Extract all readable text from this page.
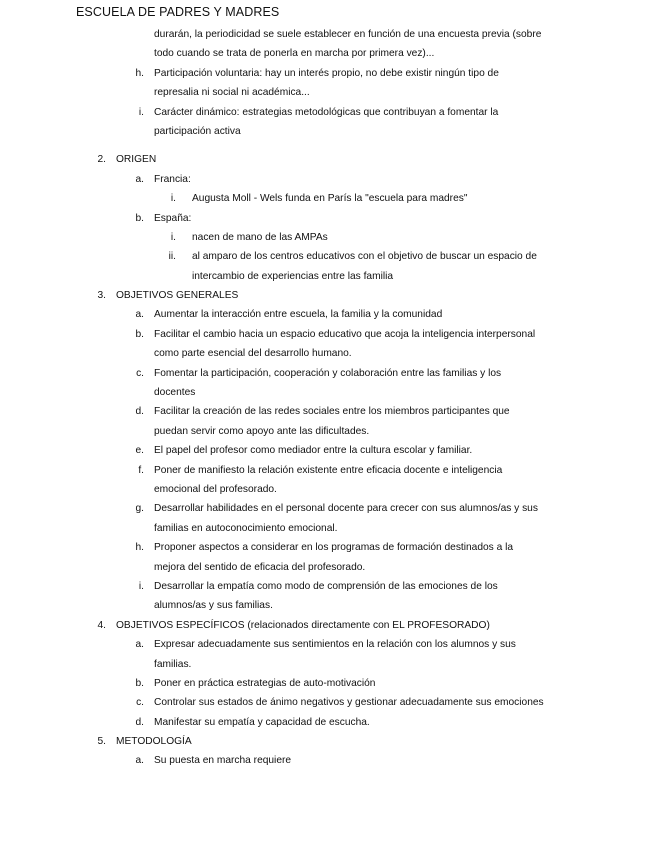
ESCUELA DE PADRES Y MADRES
durarán, la periodicidad se suele establecer en función de una encuesta previa (sobre
todo cuando se trata de ponerla en marcha por primera vez)...
h. Participación voluntaria: hay un interés propio, no debe existir ningún tipo de
represalia ni social ni académica...
i. Carácter dinámico: estrategias metodológicas que contribuyan a fomentar la
participación activa
2. ORIGEN
a. Francia:
i. Augusta Moll - Wels funda en París la "escuela para madres"
b. España:
i. nacen de mano de las AMPAs
ii. al amparo de los centros educativos con el objetivo de buscar un espacio de
intercambio de experiencias entre las familia
3. OBJETIVOS GENERALES
a. Aumentar la interacción entre escuela, la familia y la comunidad
b. Facilitar el cambio hacia un espacio educativo que acoja la inteligencia interpersonal
como parte esencial del desarrollo humano.
c. Fomentar la participación, cooperación y colaboración entre las familias y los
docentes
d. Facilitar la creación de las redes sociales entre los miembros participantes que
puedan servir como apoyo ante las dificultades.
e. El papel del profesor como mediador entre la cultura escolar y familiar.
f. Poner de manifiesto la relación existente entre eficacia docente e inteligencia
emocional del profesorado.
g. Desarrollar habilidades en el personal docente para crecer con sus alumnos/as y sus
familias en autoconocimiento emocional.
h. Proponer aspectos a considerar en los programas de formación destinados a la
mejora del sentido de eficacia del profesorado.
i. Desarrollar la empatía como modo de comprensión de las emociones de los
alumnos/as y sus familias.
4. OBJETIVOS ESPECÍFICOS (relacionados directamente con EL PROFESORADO)
a. Expresar adecuadamente sus sentimientos en la relación con los alumnos y sus
familias.
b. Poner en práctica estrategias de auto-motivación
c. Controlar sus estados de ánimo negativos y gestionar adecuadamente sus emociones
d. Manifestar su empatía y capacidad de escucha.
5. METODOLOGÍA
a. Su puesta en marcha requiere
